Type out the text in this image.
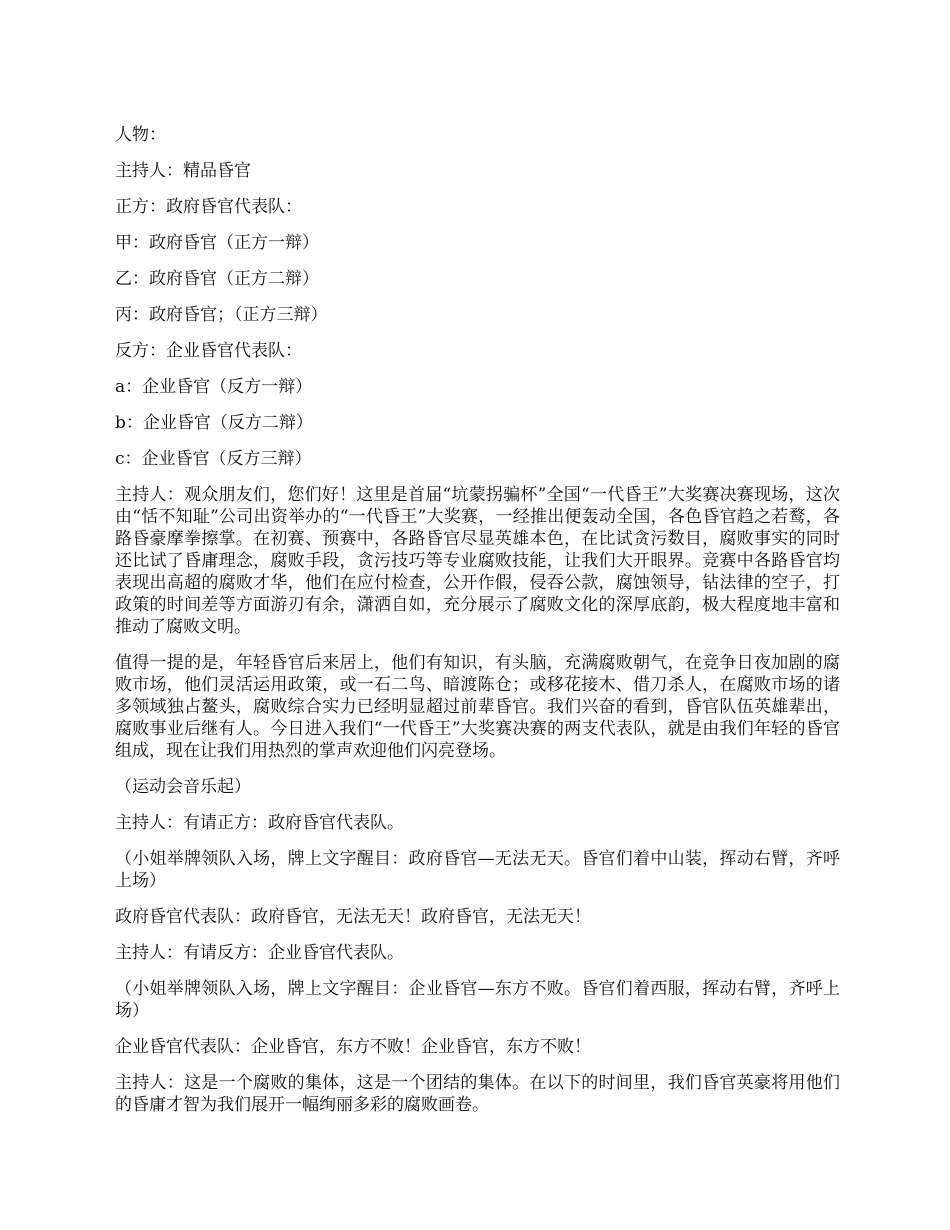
人物：

主持人：精品昏官

正方：政府昏官代表队：

甲：政府昏官（正方一辩）

乙：政府昏官（正方二辩）

丙：政府昏官；（正方三辩）

反方：企业昏官代表队：

a：企业昏官（反方一辩）

b：企业昏官（反方二辩）

c：企业昏官（反方三辩）

主持人：观众朋友们，您们好！这里是首届“坑蒙拐骗杯”全国“一代昏王”大奖赛决赛现场，这次由“恬不知耻”公司出资举办的“一代昏王”大奖赛，一经推出便轰动全国，各色昏官趋之若鹜，各路昏豪摩拳擦掌。在初赛、预赛中，各路昏官尽显英雄本色，在比试贪污数目，腐败事实的同时还比试了昏庸理念，腐败手段，贪污技巧等专业腐败技能，让我们大开眼界。竞赛中各路昏官均表现出高超的腐败才华，他们在应付检查，公开作假，侵吞公款，腐蚀领导，钻法律的空子，打政策的时间差等方面游刃有余，潇洒自如，充分展示了腐败文化的深厚底韵，极大程度地丰富和推动了腐败文明。

值得一提的是，年轻昏官后来居上，他们有知识，有头脑，充满腐败朝气，在竞争日夜加剧的腐败市场，他们灵活运用政策，或一石二鸟、暗渡陈仓；或移花接木、借刀杀人，在腐败市场的诸多领域独占鳌头，腐败综合实力已经明显超过前辈昏官。我们兴奋的看到，昏官队伍英雄辈出，腐败事业后继有人。今日进入我们“一代昏王”大奖赛决赛的两支代表队，就是由我们年轻的昏官组成，现在让我们用热烈的掌声欢迎他们闪亮登场。

（运动会音乐起）

主持人：有请正方：政府昏官代表队。

（小姐举牌领队入场，牌上文字醒目：政府昏官—无法无天。昏官们着中山装，挥动右臂，齐呼上场）

政府昏官代表队：政府昏官，无法无天！政府昏官，无法无天！

主持人：有请反方：企业昏官代表队。

（小姐举牌领队入场，牌上文字醒目：企业昏官—东方不败。昏官们着西服，挥动右臂，齐呼上场）

企业昏官代表队：企业昏官，东方不败！企业昏官，东方不败！

主持人：这是一个腐败的集体，这是一个团结的集体。在以下的时间里，我们昏官英豪将用他们的昏庸才智为我们展开一幅绚丽多彩的腐败画卷。
